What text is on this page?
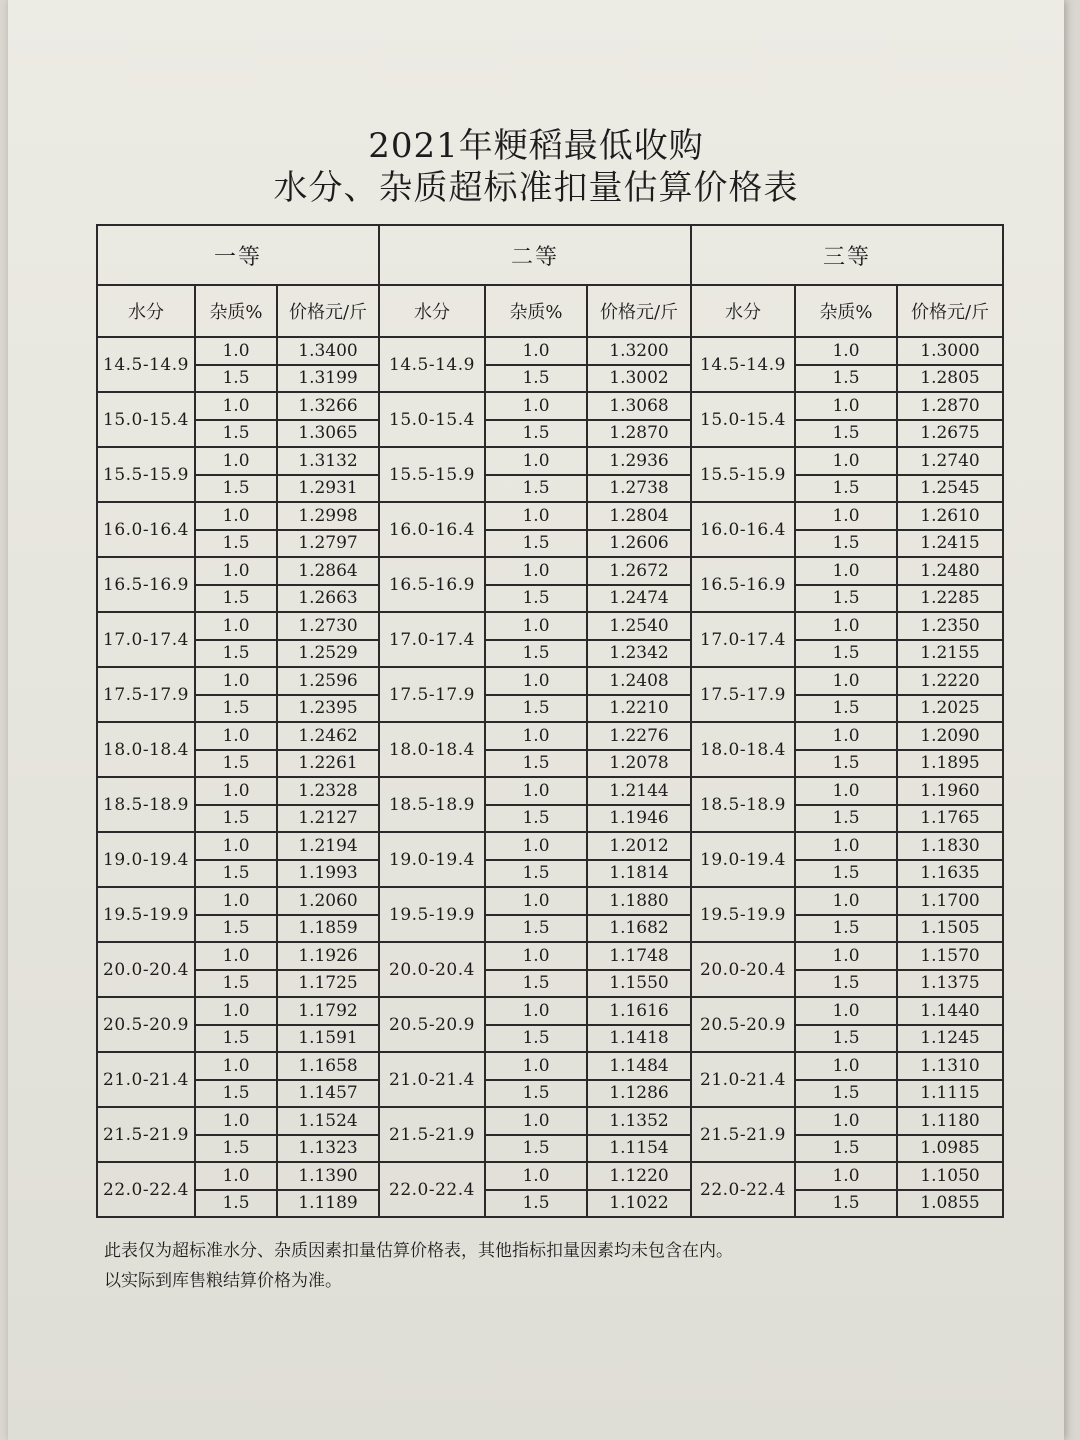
2021年粳稻最低收购
水分、杂质超标准扣量估算价格表
一等			二等			三等		
水分	杂质%	价格元/斤	水分	杂质%	价格元/斤	水分	杂质%	价格元/斤
14.5-14.9	1.0	1.3400	14.5-14.9	1.0	1.3200	14.5-14.9	1.0	1.3000
	1.5	1.3199		1.5	1.3002		1.5	1.2805
15.0-15.4	1.0	1.3266	15.0-15.4	1.0	1.3068	15.0-15.4	1.0	1.2870
	1.5	1.3065		1.5	1.2870		1.5	1.2675
15.5-15.9	1.0	1.3132	15.5-15.9	1.0	1.2936	15.5-15.9	1.0	1.2740
	1.5	1.2931		1.5	1.2738		1.5	1.2545
16.0-16.4	1.0	1.2998	16.0-16.4	1.0	1.2804	16.0-16.4	1.0	1.2610
	1.5	1.2797		1.5	1.2606		1.5	1.2415
16.5-16.9	1.0	1.2864	16.5-16.9	1.0	1.2672	16.5-16.9	1.0	1.2480
	1.5	1.2663		1.5	1.2474		1.5	1.2285
17.0-17.4	1.0	1.2730	17.0-17.4	1.0	1.2540	17.0-17.4	1.0	1.2350
	1.5	1.2529		1.5	1.2342		1.5	1.2155
17.5-17.9	1.0	1.2596	17.5-17.9	1.0	1.2408	17.5-17.9	1.0	1.2220
	1.5	1.2395		1.5	1.2210		1.5	1.2025
18.0-18.4	1.0	1.2462	18.0-18.4	1.0	1.2276	18.0-18.4	1.0	1.2090
	1.5	1.2261		1.5	1.2078		1.5	1.1895
18.5-18.9	1.0	1.2328	18.5-18.9	1.0	1.2144	18.5-18.9	1.0	1.1960
	1.5	1.2127		1.5	1.1946		1.5	1.1765
19.0-19.4	1.0	1.2194	19.0-19.4	1.0	1.2012	19.0-19.4	1.0	1.1830
	1.5	1.1993		1.5	1.1814		1.5	1.1635
19.5-19.9	1.0	1.2060	19.5-19.9	1.0	1.1880	19.5-19.9	1.0	1.1700
	1.5	1.1859		1.5	1.1682		1.5	1.1505
20.0-20.4	1.0	1.1926	20.0-20.4	1.0	1.1748	20.0-20.4	1.0	1.1570
	1.5	1.1725		1.5	1.1550		1.5	1.1375
20.5-20.9	1.0	1.1792	20.5-20.9	1.0	1.1616	20.5-20.9	1.0	1.1440
	1.5	1.1591		1.5	1.1418		1.5	1.1245
21.0-21.4	1.0	1.1658	21.0-21.4	1.0	1.1484	21.0-21.4	1.0	1.1310
	1.5	1.1457		1.5	1.1286		1.5	1.1115
21.5-21.9	1.0	1.1524	21.5-21.9	1.0	1.1352	21.5-21.9	1.0	1.1180
	1.5	1.1323		1.5	1.1154		1.5	1.0985
22.0-22.4	1.0	1.1390	22.0-22.4	1.0	1.1220	22.0-22.4	1.0	1.1050
	1.5	1.1189		1.5	1.1022		1.5	1.0855
此表仅为超标准水分、杂质因素扣量估算价格表，其他指标扣量因素均未包含在内。
以实际到库售粮结算价格为准。
